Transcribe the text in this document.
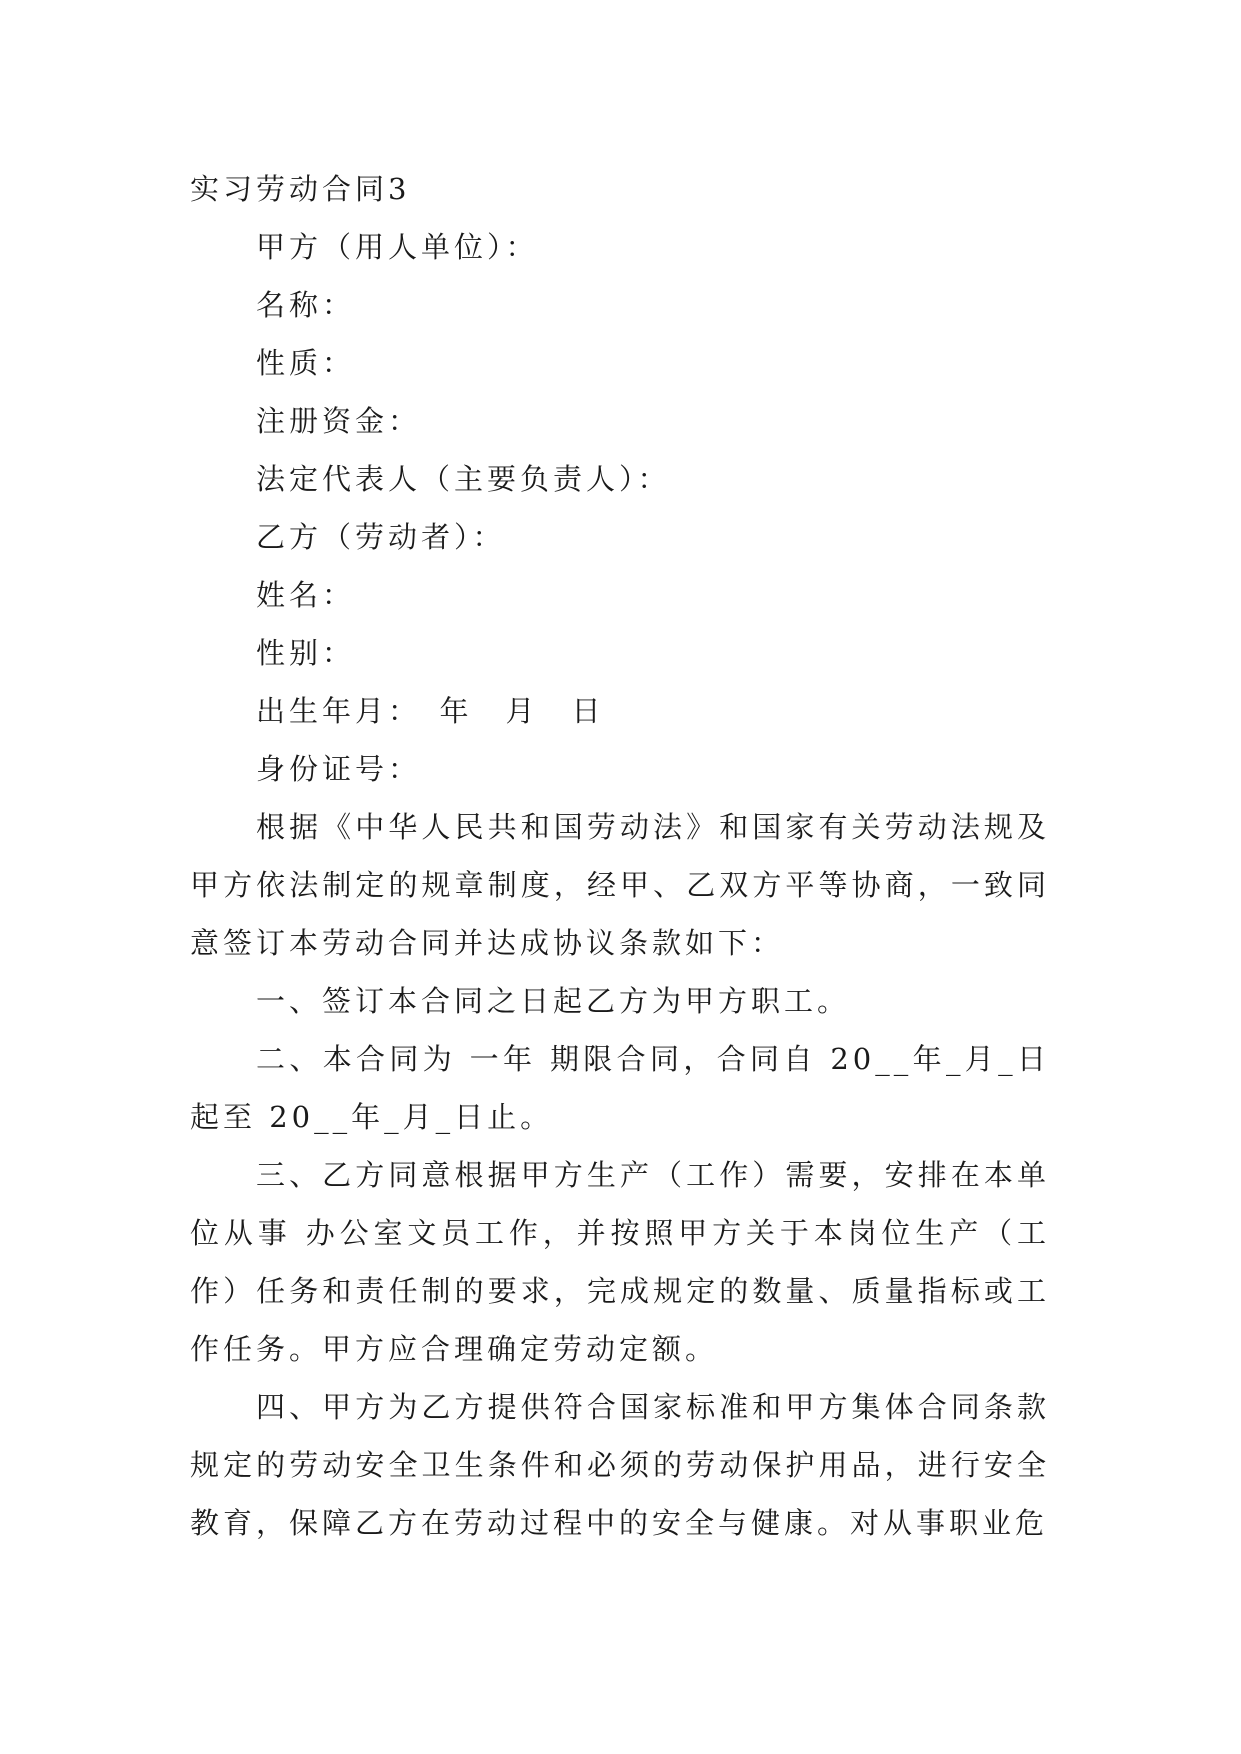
实习劳动合同3

甲方（用人单位）：

名称：

性质：

注册资金：

法定代表人（主要负责人）：

乙方（劳动者）：

姓名：

性别：

出生年月：　年　月　日

身份证号：

根据《中华人民共和国劳动法》和国家有关劳动法规及甲方依法制定的规章制度，经甲、乙双方平等协商，一致同意签订本劳动合同并达成协议条款如下：

一、签订本合同之日起乙方为甲方职工。

二、本合同为 一年 期限合同，合同自 20__年_月_日起至 20__年_月_日止。

三、乙方同意根据甲方生产（工作）需要，安排在本单位从事 办公室文员工作，并按照甲方关于本岗位生产（工作）任务和责任制的要求，完成规定的数量、质量指标或工作任务。甲方应合理确定劳动定额。

四、甲方为乙方提供符合国家标准和甲方集体合同条款规定的劳动安全卫生条件和必须的劳动保护用品，进行安全教育，保障乙方在劳动过程中的安全与健康。对从事职业危
